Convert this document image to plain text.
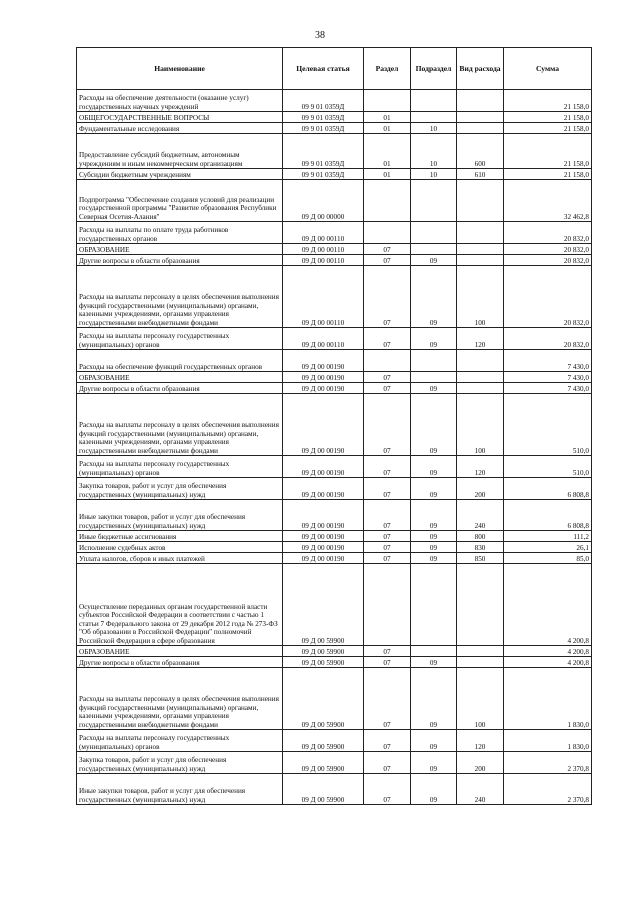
38
Наименование	Целевая статья	Раздел	Подраздел	Вид расхода	Сумма
Расходы на обеспечение деятельности (оказание услуг) государственных научных учреждений	09 9 01 0359Д				21 158,0
ОБЩЕГОСУДАРСТВЕННЫЕ ВОПРОСЫ	09 9 01 0359Д	01			21 158,0
Фундаментальные исследования	09 9 01 0359Д	01	10		21 158,0
Предоставление субсидий бюджетным, автономным учреждениям и иным некоммерческим организациям	09 9 01 0359Д	01	10	600	21 158,0
Субсидии бюджетным учреждениям	09 9 01 0359Д	01	10	610	21 158,0
Подпрограмма "Обеспечение создания условий для реализации государственной программы "Развитие образования Республики Северная Осетия-Алания"	09 Д 00 00000				32 462,8
Расходы на выплаты по оплате труда работников государственных органов	09 Д 00 00110				20 832,0
ОБРАЗОВАНИЕ	09 Д 00 00110	07			20 832,0
Другие вопросы в области образования	09 Д 00 00110	07	09		20 832,0
Расходы на выплаты персоналу в целях обеспечения выполнения функций государственными (муниципальными) органами, казенными учреждениями, органами управления государственными внебюджетными фондами	09 Д 00 00110	07	09	100	20 832,0
Расходы на выплаты персоналу государственных (муниципальных) органов	09 Д 00 00110	07	09	120	20 832,0
Расходы на обеспечение функций государственных органов	09 Д 00 00190				7 430,0
ОБРАЗОВАНИЕ	09 Д 00 00190	07			7 430,0
Другие вопросы в области образования	09 Д 00 00190	07	09		7 430,0
Расходы на выплаты персоналу в целях обеспечения выполнения функций государственными (муниципальными) органами, казенными учреждениями, органами управления государственными внебюджетными фондами	09 Д 00 00190	07	09	100	510,0
Расходы на выплаты персоналу государственных (муниципальных) органов	09 Д 00 00190	07	09	120	510,0
Закупка товаров, работ и услуг для обеспечения государственных (муниципальных) нужд	09 Д 00 00190	07	09	200	6 808,8
Иные закупки товаров, работ и услуг для обеспечения государственных (муниципальных) нужд	09 Д 00 00190	07	09	240	6 808,8
Иные бюджетные ассигнования	09 Д 00 00190	07	09	800	111,2
Исполнение судебных актов	09 Д 00 00190	07	09	830	26,1
Уплата налогов, сборов и иных платежей	09 Д 00 00190	07	09	850	85,0
Осуществление переданных органам государственной власти субъектов Российской Федерации в соответствии с частью 1 статьи 7 Федерального закона от 29 декабря 2012 года № 273-ФЗ "Об образовании в Российской Федерации" полномочий Российской Федерации в сфере образования	09 Д 00 59900				4 200,8
ОБРАЗОВАНИЕ	09 Д 00 59900	07			4 200,8
Другие вопросы в области образования	09 Д 00 59900	07	09		4 200,8
Расходы на выплаты персоналу в целях обеспечения выполнения функций государственными (муниципальными) органами, казенными учреждениями, органами управления государственными внебюджетными фондами	09 Д 00 59900	07	09	100	1 830,0
Расходы на выплаты персоналу государственных (муниципальных) органов	09 Д 00 59900	07	09	120	1 830,0
Закупка товаров, работ и услуг для обеспечения государственных (муниципальных) нужд	09 Д 00 59900	07	09	200	2 370,8
Иные закупки товаров, работ и услуг для обеспечения государственных (муниципальных) нужд	09 Д 00 59900	07	09	240	2 370,8
